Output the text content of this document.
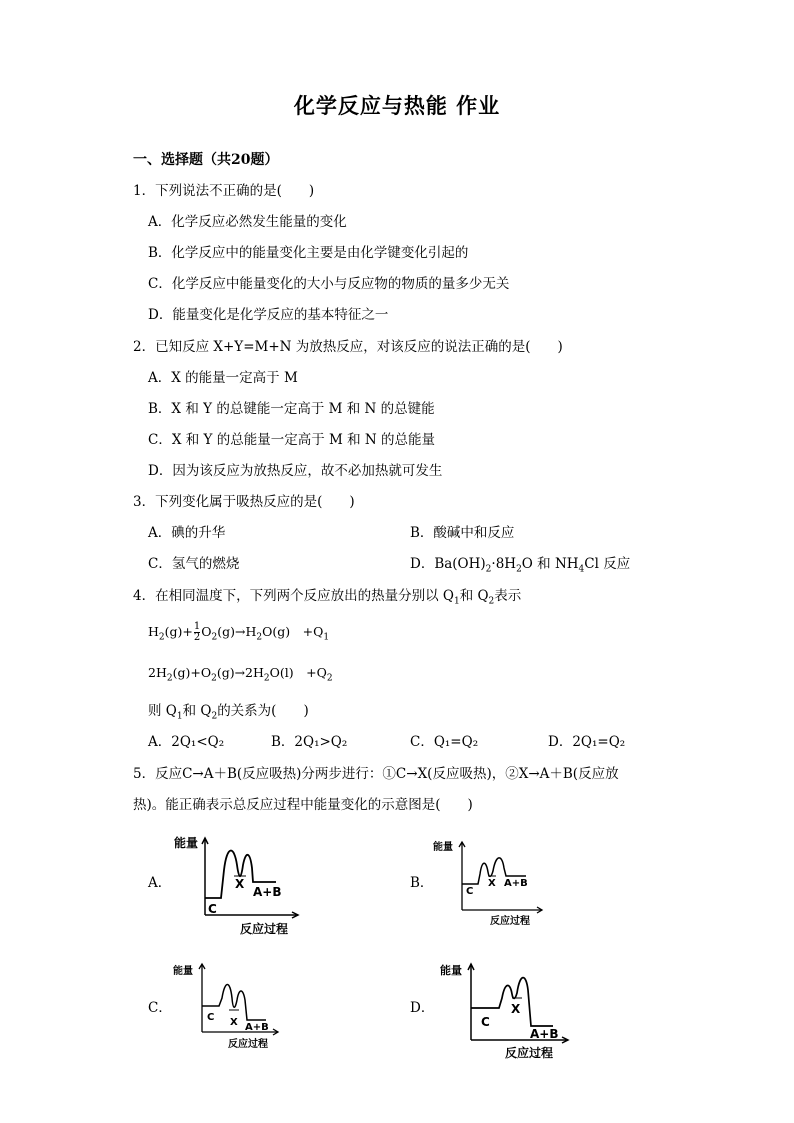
化学反应与热能 作业
一、选择题（共20题）
1．下列说法不正确的是(　　)
A．化学反应必然发生能量的变化
B．化学反应中的能量变化主要是由化学键变化引起的
C．化学反应中能量变化的大小与反应物的物质的量多少无关
D．能量变化是化学反应的基本特征之一
2．已知反应 X+Y=M+N 为放热反应，对该反应的说法正确的是(　　)
A．X 的能量一定高于 M
B．X 和 Y 的总键能一定高于 M 和 N 的总键能
C．X 和 Y 的总能量一定高于 M 和 N 的总能量
D．因为该反应为放热反应，故不必加热就可发生
3．下列变化属于吸热反应的是(　　)
A．碘的升华	B．酸碱中和反应
C．氢气的燃烧	D．$Ba(OH)_2\cdot 8H_2O$ 和 $NH_4Cl$ 反应
4．在相同温度下，下列两个反应放出的热量分别以 $Q_1$和 $Q_2$表示
$H_2(g)+ \frac{1}{2} O_2(g)\to H_2O(g)$　$+Q_1$
$2H_2(g)+O_2(g)\to 2H_2O(l)$　$+Q_2$
则 $Q_1$和 $Q_2$的关系为(　　)
A．2Q₁<Q₂	B．2Q₁>Q₂	C．Q₁=Q₂	D．2Q₁=Q₂
5．反应C→A＋B(反应吸热)分两步进行：①C→X(反应吸热)，②X→A＋B(反应放
热)。能正确表示总反应过程中能量变化的示意图是(　　)
A．	B．
C．	D．
能量
C
X
A+B
反应过程
能量
C
X A+B
反应过程
能量
C X A+B
反应过程
能量
C
X
A+B
反应过程
